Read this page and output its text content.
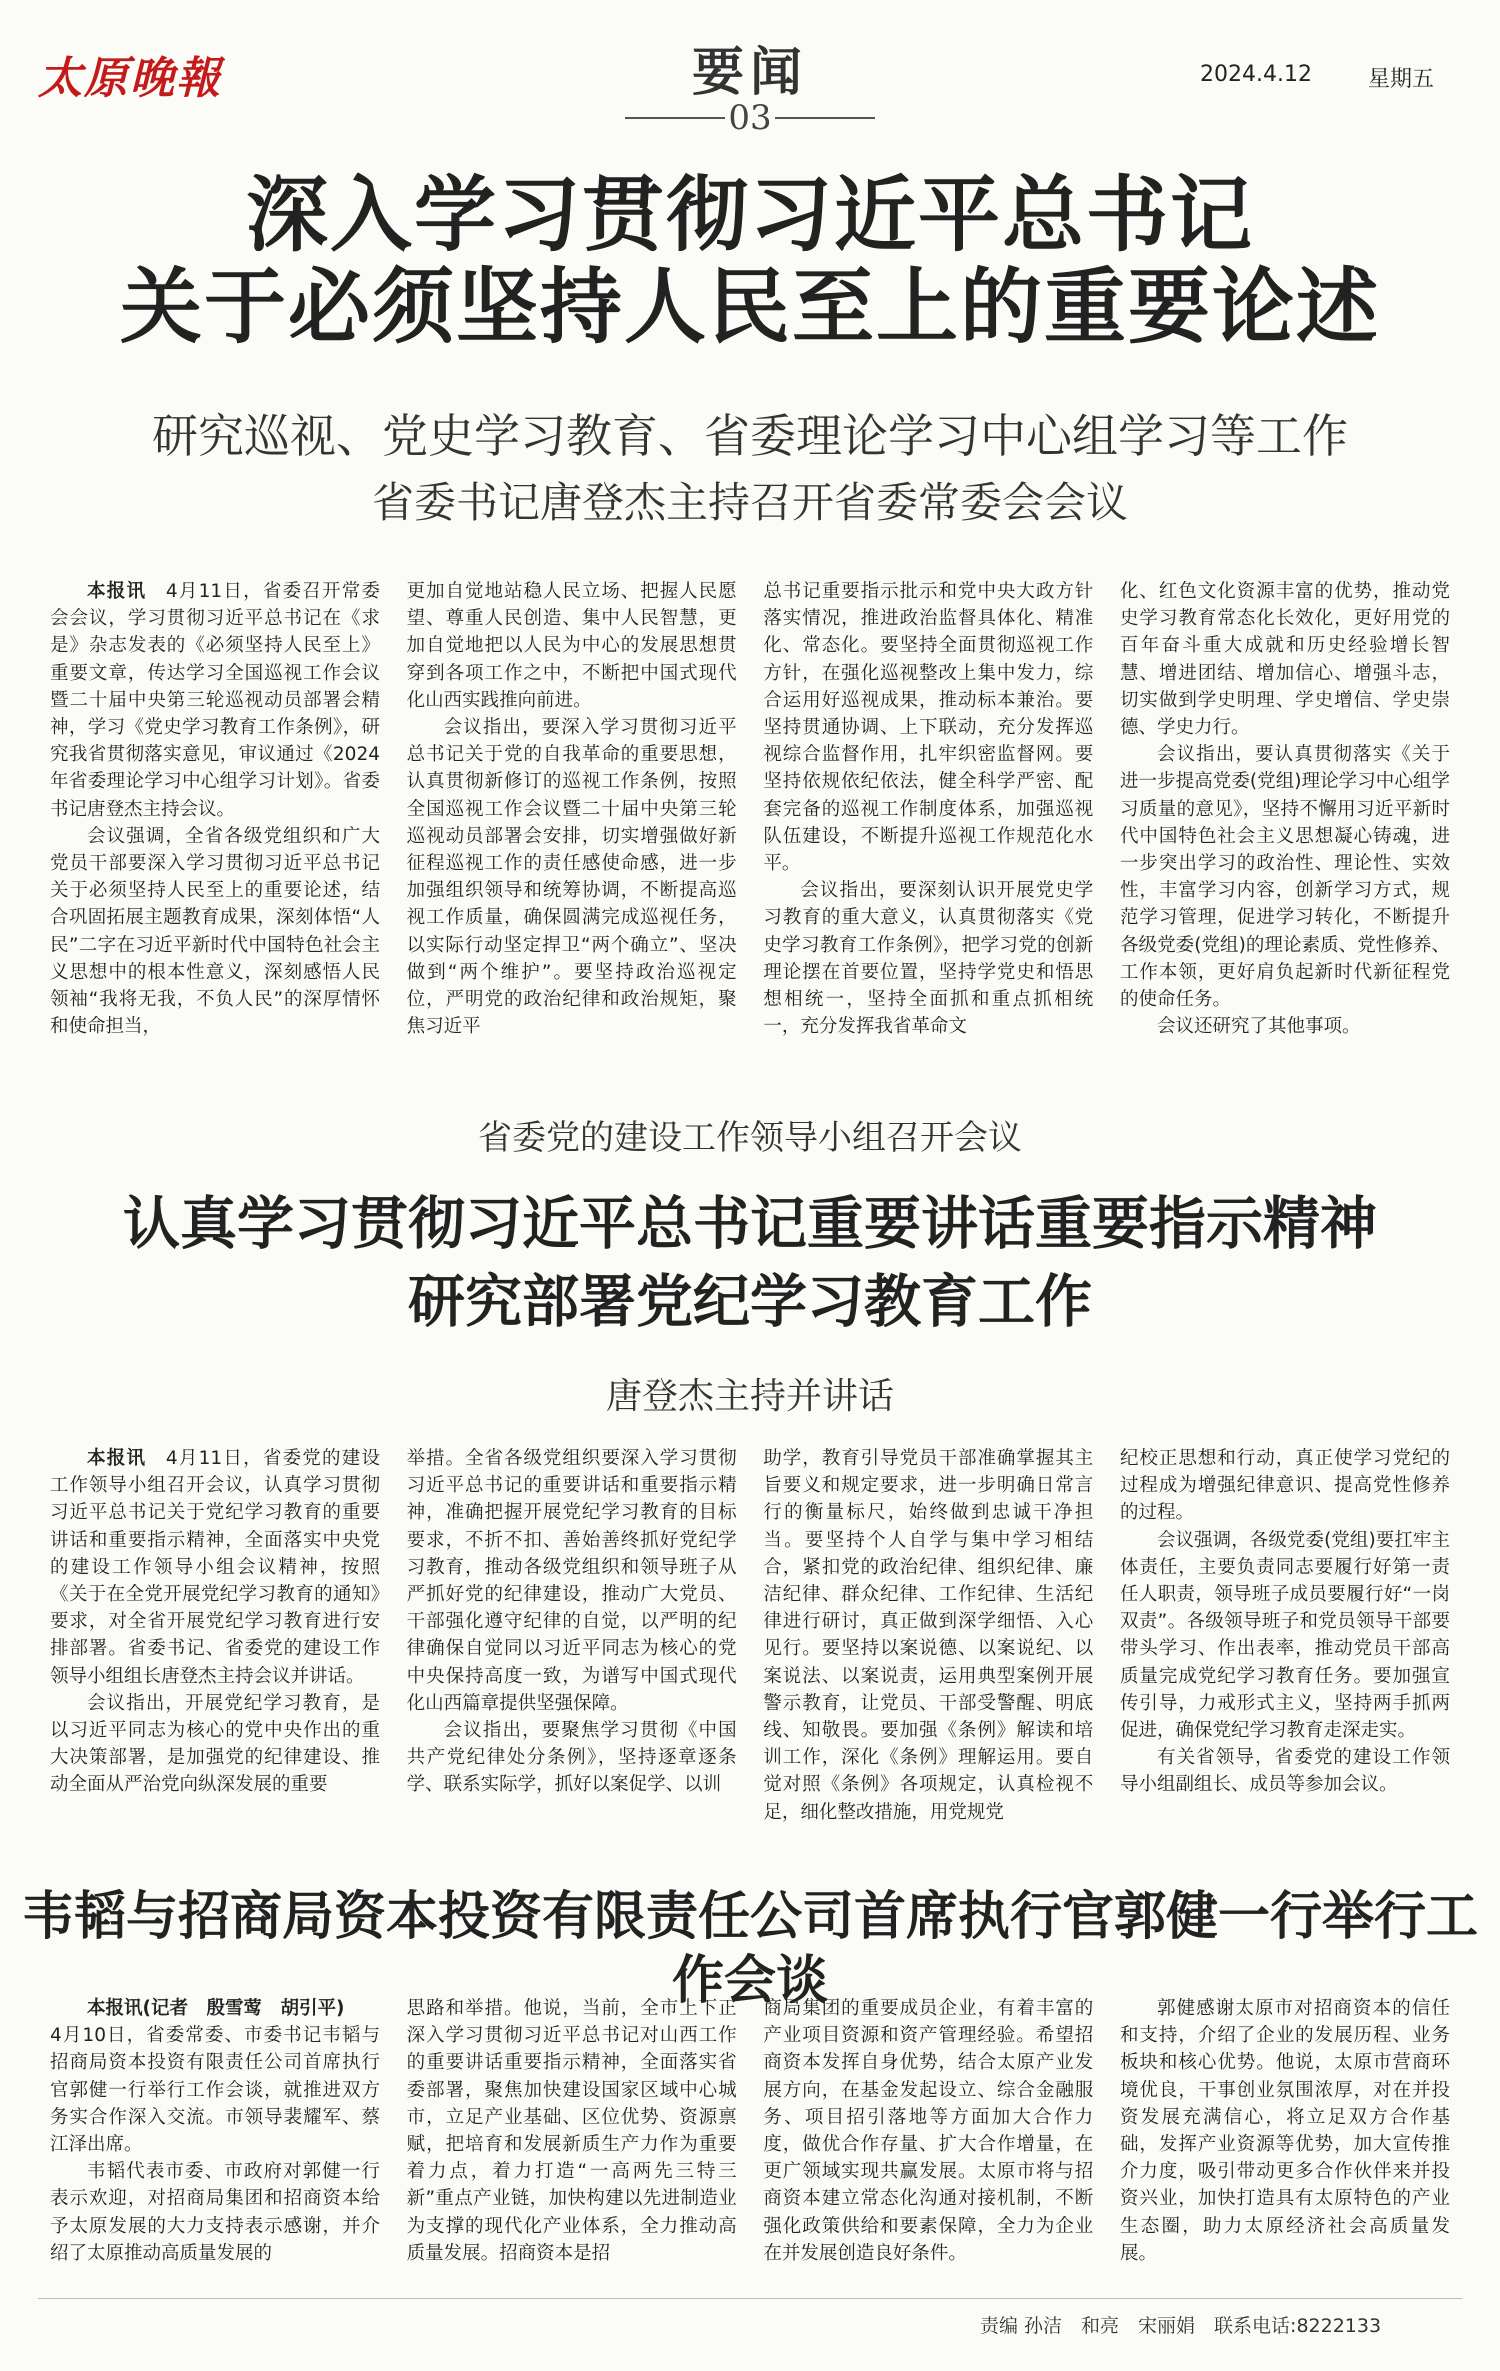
太原晚報	要闻
03
2024.4.12	星期五
深入学习贯彻习近平总书记
关于必须坚持人民至上的重要论述
研究巡视、党史学习教育、省委理论学习中心组学习等工作
省委书记唐登杰主持召开省委常委会会议

本报讯　 4月11日，省委召开常委会会议，学习贯彻习近平总书记在《求是》杂志发表的《必须坚持人民至上》重要文章，传达学习全国巡视工作会议暨二十届中央第三轮巡视动员部署会精神，学习《党史学习教育工作条例》，研究我省贯彻落实意见，审议通过《2024年省委理论学习中心组学习计划》。省委书记唐登杰主持会议。

会议强调，全省各级党组织和广大党员干部要深入学习贯彻习近平总书记关于必须坚持人民至上的重要论述，结合巩固拓展主题教育成果，深刻体悟“人民”二字在习近平新时代中国特色社会主义思想中的根本性意义，深刻感悟人民领袖“我将无我，不负人民”的深厚情怀和使命担当，

更加自觉地站稳人民立场、把握人民愿望、尊重人民创造、集中人民智慧，更加自觉地把以人民为中心的发展思想贯穿到各项工作之中，不断把中国式现代化山西实践推向前进。

会议指出，要深入学习贯彻习近平总书记关于党的自我革命的重要思想，认真贯彻新修订的巡视工作条例，按照全国巡视工作会议暨二十届中央第三轮巡视动员部署会安排，切实增强做好新征程巡视工作的责任感使命感，进一步加强组织领导和统筹协调，不断提高巡视工作质量，确保圆满完成巡视任务，以实际行动坚定捍卫“两个确立”、坚决做到“两个维护”。要坚持政治巡视定位，严明党的政治纪律和政治规矩，聚焦习近平

总书记重要指示批示和党中央大政方针落实情况，推进政治监督具体化、精准化、常态化。要坚持全面贯彻巡视工作方针，在强化巡视整改上集中发力，综合运用好巡视成果，推动标本兼治。要坚持贯通协调、上下联动，充分发挥巡视综合监督作用，扎牢织密监督网。要坚持依规依纪依法，健全科学严密、配套完备的巡视工作制度体系，加强巡视队伍建设，不断提升巡视工作规范化水平。

会议指出，要深刻认识开展党史学习教育的重大意义，认真贯彻落实《党史学习教育工作条例》，把学习党的创新理论摆在首要位置，坚持学党史和悟思想相统一，坚持全面抓和重点抓相统一，充分发挥我省革命文

化、红色文化资源丰富的优势，推动党史学习教育常态化长效化，更好用党的百年奋斗重大成就和历史经验增长智慧、增进团结、增加信心、增强斗志，切实做到学史明理、学史增信、学史崇德、学史力行。

会议指出，要认真贯彻落实《关于进一步提高党委(党组)理论学习中心组学习质量的意见》，坚持不懈用习近平新时代中国特色社会主义思想凝心铸魂，进一步突出学习的政治性、理论性、实效性，丰富学习内容，创新学习方式，规范学习管理，促进学习转化，不断提升各级党委(党组)的理论素质、党性修养、工作本领，更好肩负起新时代新征程党的使命任务。

会议还研究了其他事项。

省委党的建设工作领导小组召开会议
认真学习贯彻习近平总书记重要讲话重要指示精神
研究部署党纪学习教育工作
唐登杰主持并讲话

本报讯　 4月11日，省委党的建设工作领导小组召开会议，认真学习贯彻习近平总书记关于党纪学习教育的重要讲话和重要指示精神，全面落实中央党的建设工作领导小组会议精神，按照《关于在全党开展党纪学习教育的通知》要求，对全省开展党纪学习教育进行安排部署。省委书记、省委党的建设工作领导小组组长唐登杰主持会议并讲话。

会议指出，开展党纪学习教育，是以习近平同志为核心的党中央作出的重大决策部署，是加强党的纪律建设、推动全面从严治党向纵深发展的重要

举措。全省各级党组织要深入学习贯彻习近平总书记的重要讲话和重要指示精神，准确把握开展党纪学习教育的目标要求，不折不扣、善始善终抓好党纪学习教育，推动各级党组织和领导班子从严抓好党的纪律建设，推动广大党员、干部强化遵守纪律的自觉，以严明的纪律确保自觉同以习近平同志为核心的党中央保持高度一致，为谱写中国式现代化山西篇章提供坚强保障。

会议指出，要聚焦学习贯彻《中国共产党纪律处分条例》，坚持逐章逐条学、联系实际学，抓好以案促学、以训

助学，教育引导党员干部准确掌握其主旨要义和规定要求，进一步明确日常言行的衡量标尺，始终做到忠诚干净担当。要坚持个人自学与集中学习相结合，紧扣党的政治纪律、组织纪律、廉洁纪律、群众纪律、工作纪律、生活纪律进行研讨，真正做到深学细悟、入心见行。要坚持以案说德、以案说纪、以案说法、以案说责，运用典型案例开展警示教育，让党员、干部受警醒、明底线、知敬畏。要加强《条例》解读和培训工作，深化《条例》理解运用。要自觉对照《条例》各项规定，认真检视不足，细化整改措施，用党规党

纪校正思想和行动，真正使学习党纪的过程成为增强纪律意识、提高党性修养的过程。

会议强调，各级党委(党组)要扛牢主体责任，主要负责同志要履行好第一责任人职责，领导班子成员要履行好“一岗双责”。各级领导班子和党员领导干部要带头学习、作出表率，推动党员干部高质量完成党纪学习教育任务。要加强宣传引导，力戒形式主义，坚持两手抓两促进，确保党纪学习教育走深走实。

有关省领导，省委党的建设工作领导小组副组长、成员等参加会议。

韦韬与招商局资本投资有限责任公司首席执行官郭健一行举行工作会谈

本报讯(记者　殷雪莺　胡引平)

4月10日，省委常委、市委书记韦韬与招商局资本投资有限责任公司首席执行官郭健一行举行工作会谈，就推进双方务实合作深入交流。市领导裴耀军、蔡江泽出席。

韦韬代表市委、市政府对郭健一行表示欢迎，对招商局集团和招商资本给予太原发展的大力支持表示感谢，并介绍了太原推动高质量发展的

思路和举措。他说，当前，全市上下正深入学习贯彻习近平总书记对山西工作的重要讲话重要指示精神，全面落实省委部署，聚焦加快建设国家区域中心城市，立足产业基础、区位优势、资源禀赋，把培育和发展新质生产力作为重要着力点，着力打造“一高两先三特三新”重点产业链，加快构建以先进制造业为支撑的现代化产业体系，全力推动高质量发展。招商资本是招

商局集团的重要成员企业，有着丰富的产业项目资源和资产管理经验。希望招商资本发挥自身优势，结合太原产业发展方向，在基金发起设立、综合金融服务、项目招引落地等方面加大合作力度，做优合作存量、扩大合作增量，在更广领域实现共赢发展。太原市将与招商资本建立常态化沟通对接机制，不断强化政策供给和要素保障，全力为企业在并发展创造良好条件。

郭健感谢太原市对招商资本的信任和支持，介绍了企业的发展历程、业务板块和核心优势。他说，太原市营商环境优良，干事创业氛围浓厚，对在并投资发展充满信心，将立足双方合作基础，发挥产业资源等优势，加大宣传推介力度，吸引带动更多合作伙伴来并投资兴业，加快打造具有太原特色的产业生态圈，助力太原经济社会高质量发展。

责编 孙洁　和亮　宋丽娟　联系电话:8222133
